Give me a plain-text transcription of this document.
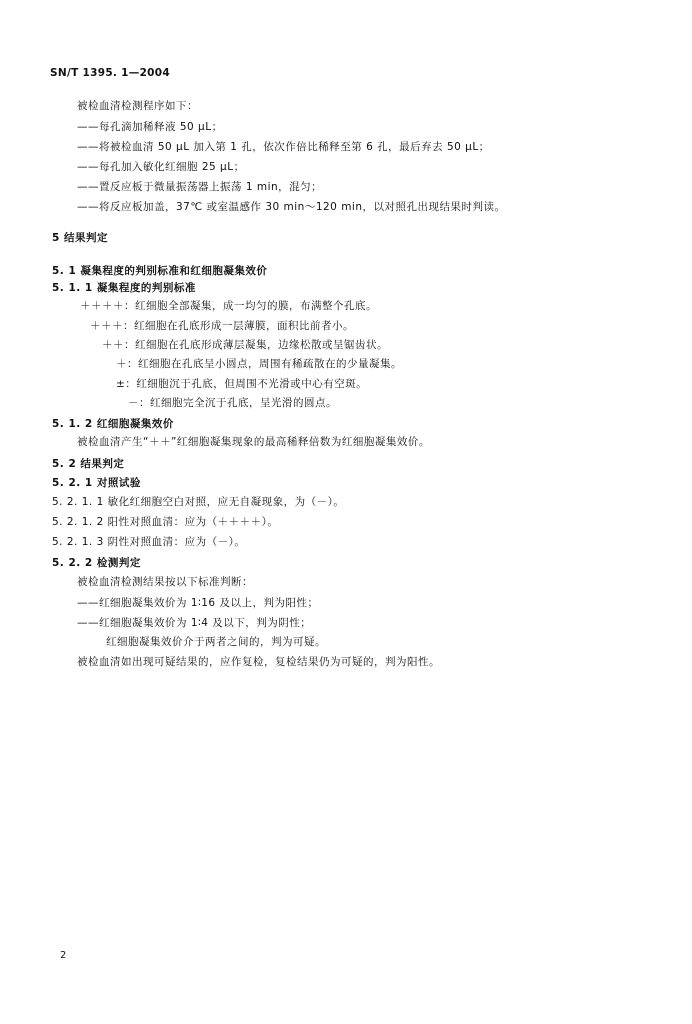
SN/T 1395. 1—2004
被检血清检测程序如下：
——每孔滴加稀释液 50 μL；
——将被检血清 50 μL 加入第 1 孔，依次作倍比稀释至第 6 孔，最后弃去 50 μL；
——每孔加入敏化红细胞 25 μL；
——置反应板于微量振荡器上振荡 1 min，混匀；
——将反应板加盖，37℃ 或室温感作 30 min～120 min，以对照孔出现结果时判读。
5 结果判定
5. 1 凝集程度的判别标准和红细胞凝集效价
5. 1. 1 凝集程度的判别标准
＋＋＋＋：红细胞全部凝集，成一均匀的膜，布满整个孔底。
＋＋＋：红细胞在孔底形成一层薄膜，面积比前者小。
＋＋：红细胞在孔底形成薄层凝集，边缘松散或呈锯齿状。
＋：红细胞在孔底呈小圆点，周围有稀疏散在的少量凝集。
±：红细胞沉于孔底，但周围不光滑或中心有空斑。
－：红细胞完全沉于孔底，呈光滑的圆点。
5. 1. 2 红细胞凝集效价
被检血清产生“＋＋”红细胞凝集现象的最高稀释倍数为红细胞凝集效价。
5. 2 结果判定
5. 2. 1 对照试验
5. 2. 1. 1 敏化红细胞空白对照，应无自凝现象，为（－）。
5. 2. 1. 2 阳性对照血清：应为（＋＋＋＋）。
5. 2. 1. 3 阴性对照血清：应为（－）。
5. 2. 2 检测判定
被检血清检测结果按以下标准判断：
——红细胞凝集效价为 1∶16 及以上，判为阳性；
——红细胞凝集效价为 1∶4 及以下，判为阴性；
红细胞凝集效价介于两者之间的，判为可疑。
被检血清如出现可疑结果的，应作复检，复检结果仍为可疑的，判为阳性。
2
